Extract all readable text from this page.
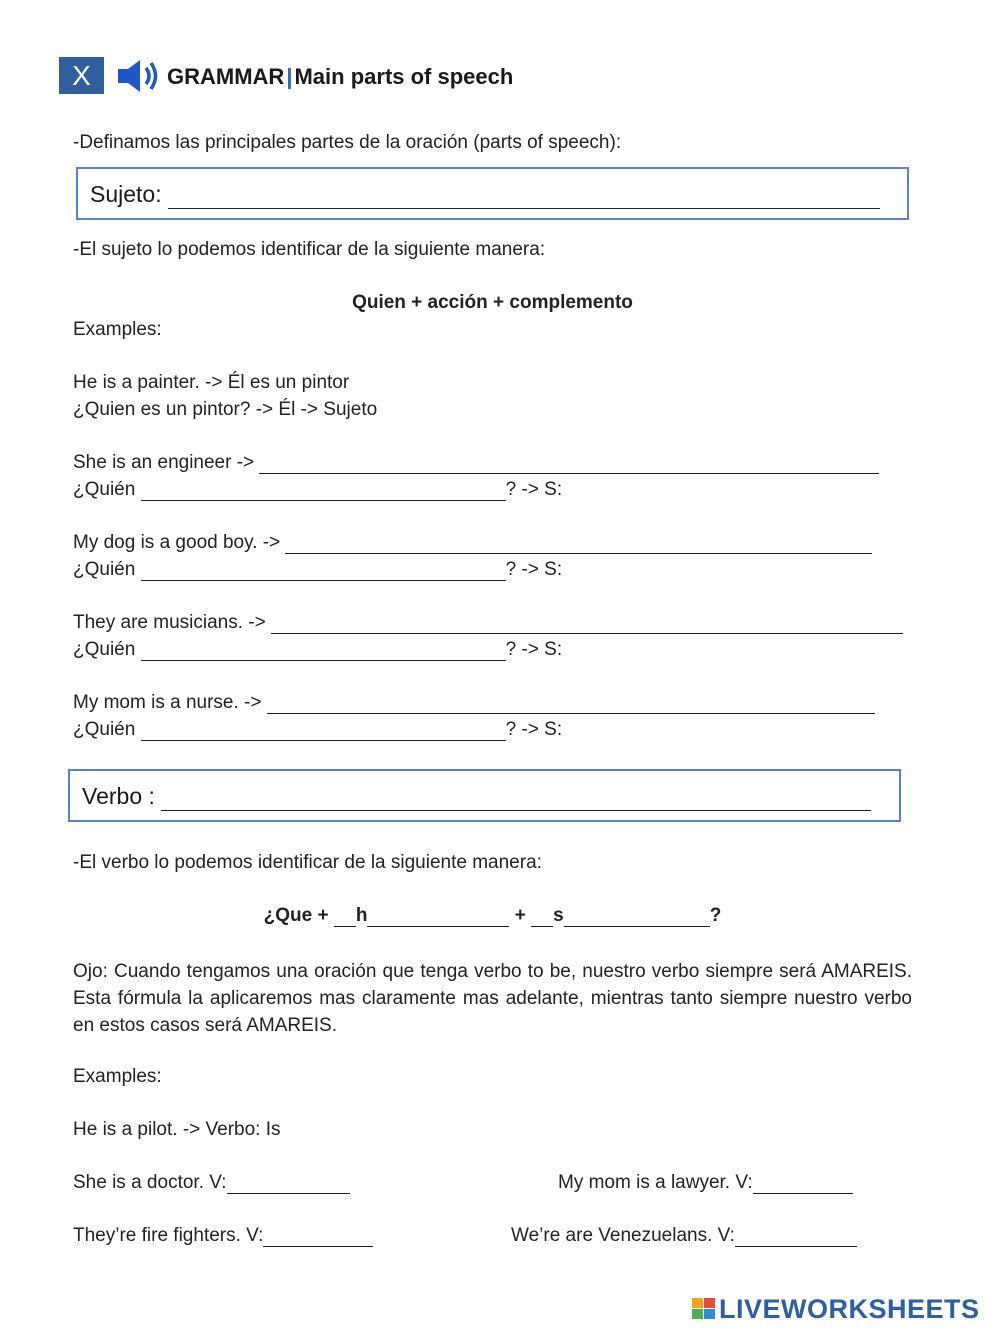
X	GRAMMAR|Main parts of speech
-Definamos las principales partes de la oración (parts of speech):
Sujeto:
-El sujeto lo podemos identificar de la siguiente manera:
Quien + acción + complemento
Examples:
He is a painter. -> Él es un pintor
¿Quien es un pintor? -> Él -> Sujeto
She is an engineer ->
¿Quién	? -> S:
My dog is a good boy. ->
¿Quién	? -> S:
They are musicians. ->
¿Quién	? -> S:
My mom is a nurse. ->
¿Quién	? -> S:
Verbo :
-El verbo lo podemos identificar de la siguiente manera:
¿Que + h	+ s	?
Ojo: Cuando tengamos una oración que tenga verbo to be, nuestro verbo siempre será AMAREIS. Esta fórmula la aplicaremos mas claramente mas adelante, mientras tanto siempre nuestro verbo en estos casos será AMAREIS.
Examples:
He is a pilot. -> Verbo: Is
She is a doctor. V:	My mom is a lawyer. V:
They’re fire fighters. V:	We’re are Venezuelans. V:
LIVEWORKSHEETS
